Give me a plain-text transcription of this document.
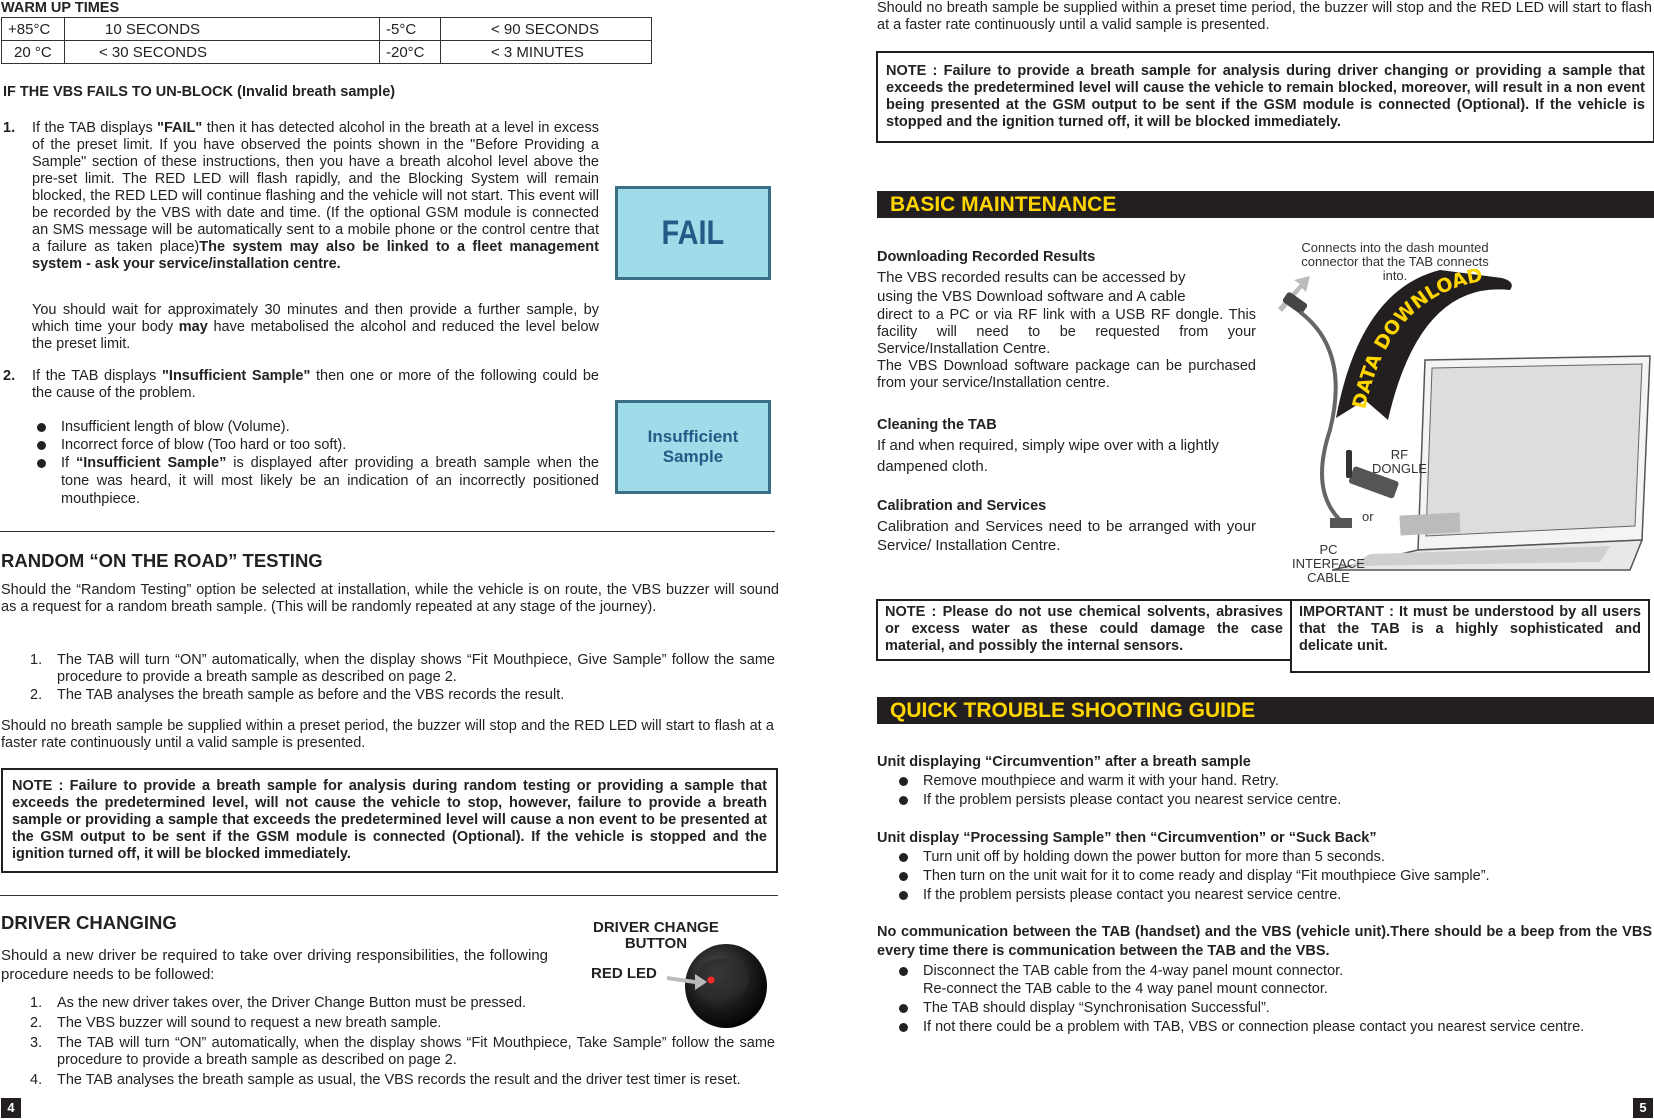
WARM UP TIMES
+85°C	10 SECONDS	-5°C	< 90 SECONDS
20 °C	< 30 SECONDS	-20°C	< 3 MINUTES
IF THE VBS FAILS TO UN-BLOCK (Invalid breath sample)
1. If the TAB displays "FAIL" then it has detected alcohol in the breath at a level in excess of the preset limit. If you have observed the points shown in the "Before Providing a Sample" section of these instructions, then you have a breath alcohol level above the pre-set limit. The RED LED will flash rapidly, and the Blocking System will remain blocked, the RED LED will continue flashing and the vehicle will not start. This event will be recorded by the VBS with date and time. (If the optional GSM module is connected an SMS message will be automatically sent to a mobile phone or the control centre that a failure as taken place)The system may also be linked to a fleet management system - ask your service/installation centre.
You should wait for approximately 30 minutes and then provide a further sample, by which time your body may have metabolised the alcohol and reduced the level below the preset limit.
2. If the TAB displays "Insufficient Sample" then one or more of the following could be the cause of the problem.
Insufficient length of blow (Volume).
Incorrect force of blow (Too hard or too soft).
If “Insufficient Sample” is displayed after providing a breath sample when the tone was heard, it will most likely be an indication of an incorrectly positioned mouthpiece.
FAIL
Insufficient
Sample
RANDOM “ON THE ROAD” TESTING
Should the “Random Testing” option be selected at installation, while the vehicle is on route, the VBS buzzer will sound as a request for a random breath sample. (This will be randomly repeated at any stage of the journey).
1. The TAB will turn “ON” automatically, when the display shows “Fit Mouthpiece, Give Sample” follow the same procedure to provide a breath sample as described on page 2.
2. The TAB analyses the breath sample as before and the VBS records the result.
Should no breath sample be supplied within a preset period, the buzzer will stop and the RED LED will start to flash at a faster rate continuously until a valid sample is presented.
NOTE : Failure to provide a breath sample for analysis during random testing or providing a sample that exceeds the predetermined level, will not cause the vehicle to stop, however, failure to provide a breath sample or providing a sample that exceeds the predetermined level will cause a non event to be presented at the GSM output to be sent if the GSM module is connected (Optional). If the vehicle is stopped and the ignition turned off, it will be blocked immediately.
DRIVER CHANGING
Should a new driver be required to take over driving responsibilities, the following procedure needs to be followed:
DRIVER CHANGE
BUTTON
RED LED
1. As the new driver takes over, the Driver Change Button must be pressed.
2. The VBS buzzer will sound to request a new breath sample.
3. The TAB will turn “ON” automatically, when the display shows “Fit Mouthpiece, Take Sample” follow the same procedure to provide a breath sample as described on page 2.
4. The TAB analyses the breath sample as usual, the VBS records the result and the driver test timer is reset.
4
Should no breath sample be supplied within a preset time period, the buzzer will stop and the RED LED will start to flash at a faster rate continuously until a valid sample is presented.
NOTE : Failure to provide a breath sample for analysis during driver changing or providing a sample that exceeds the predetermined level will cause the vehicle to remain blocked, moreover, will result in a non event being presented at the GSM output to be sent if the GSM module is connected (Optional). If the vehicle is stopped and the ignition turned off, it will be blocked immediately.
BASIC MAINTENANCE
Downloading Recorded Results
The VBS recorded results can be accessed by
using the VBS Download software and A cable
direct to a PC or via RF link with a USB RF dongle. This facility will need to be requested from your Service/Installation Centre.
The VBS Download software package can be purchased from your service/Installation centre.
Cleaning the TAB
If and when required, simply wipe over with a lightly dampened cloth.
Calibration and Services
Calibration and Services need to be arranged with your Service/ Installation Centre.
Connects into the dash mounted connector that the TAB connects into.
DATA DOWNLOAD
RF
DONGLE
or
PC
INTERFACE
CABLE
NOTE : Please do not use chemical solvents, abrasives or excess water as these could damage the case material, and possibly the internal sensors.
IMPORTANT : It must be understood by all users that the TAB is a highly sophisticated and delicate unit.
QUICK TROUBLE SHOOTING GUIDE
Unit displaying “Circumvention” after a breath sample
Remove mouthpiece and warm it with your hand. Retry.
If the problem persists please contact you nearest service centre.
Unit display “Processing Sample” then “Circumvention” or “Suck Back”
Turn unit off by holding down the power button for more than 5 seconds.
Then turn on the unit wait for it to come ready and display “Fit mouthpiece Give sample”.
If the problem persists please contact you nearest service centre.
No communication between the TAB (handset) and the VBS (vehicle unit).There should be a beep from the VBS every time there is communication between the TAB and the VBS.
Disconnect the TAB cable from the 4-way panel mount connector.
Re-connect the TAB cable to the 4 way panel mount connector.
The TAB should display “Synchronisation Successful”.
If not there could be a problem with TAB, VBS or connection please contact you nearest service centre.
5
